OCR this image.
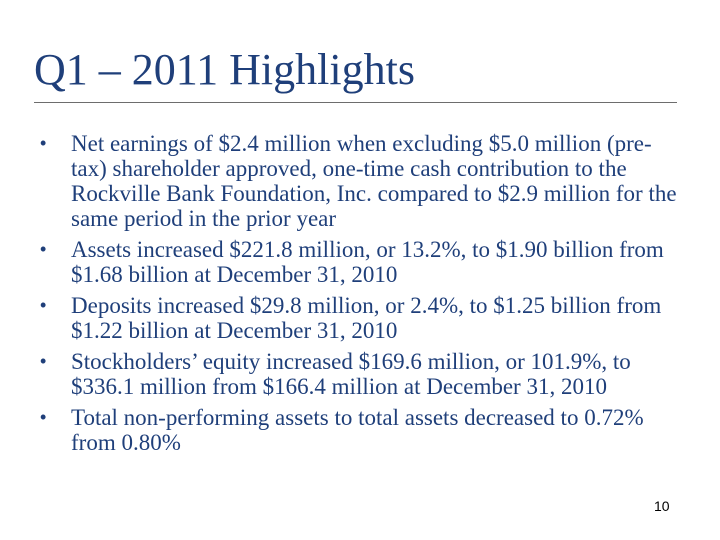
Q1 – 2011 Highlights
•	Net earnings of $2.4 million when excluding $5.0 million (pre-tax) shareholder approved, one-time cash contribution to the Rockville Bank Foundation, Inc. compared to $2.9 million for the same period in the prior year
•	Assets increased $221.8 million, or 13.2%, to $1.90 billion from $1.68 billion at December 31, 2010
•	Deposits increased $29.8 million, or 2.4%, to $1.25 billion from $1.22 billion at December 31, 2010
•	Stockholders’ equity increased $169.6 million, or 101.9%, to $336.1 million from $166.4 million at December 31, 2010
•	Total non-performing assets to total assets decreased to 0.72% from 0.80%
10
